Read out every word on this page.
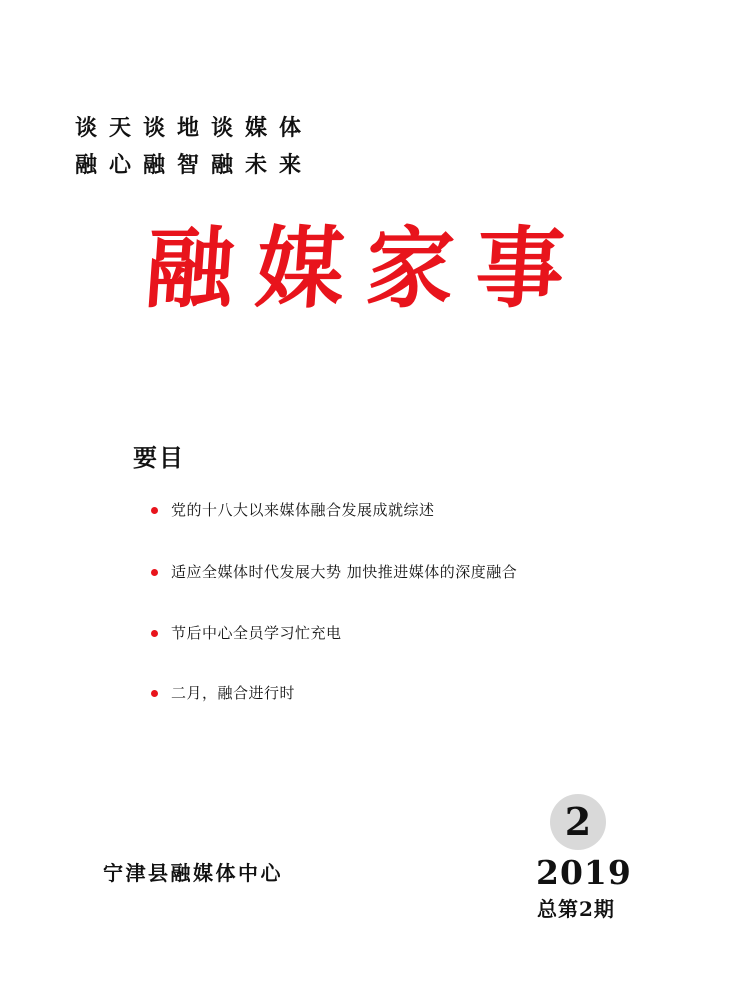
谈天谈地谈媒体
融心融智融未来
融媒家事
要目
党的十八大以来媒体融合发展成就综述
适应全媒体时代发展大势 加快推进媒体的深度融合
节后中心全员学习忙充电
二月，融合进行时
2
宁津县融媒体中心	2019
总第2期
